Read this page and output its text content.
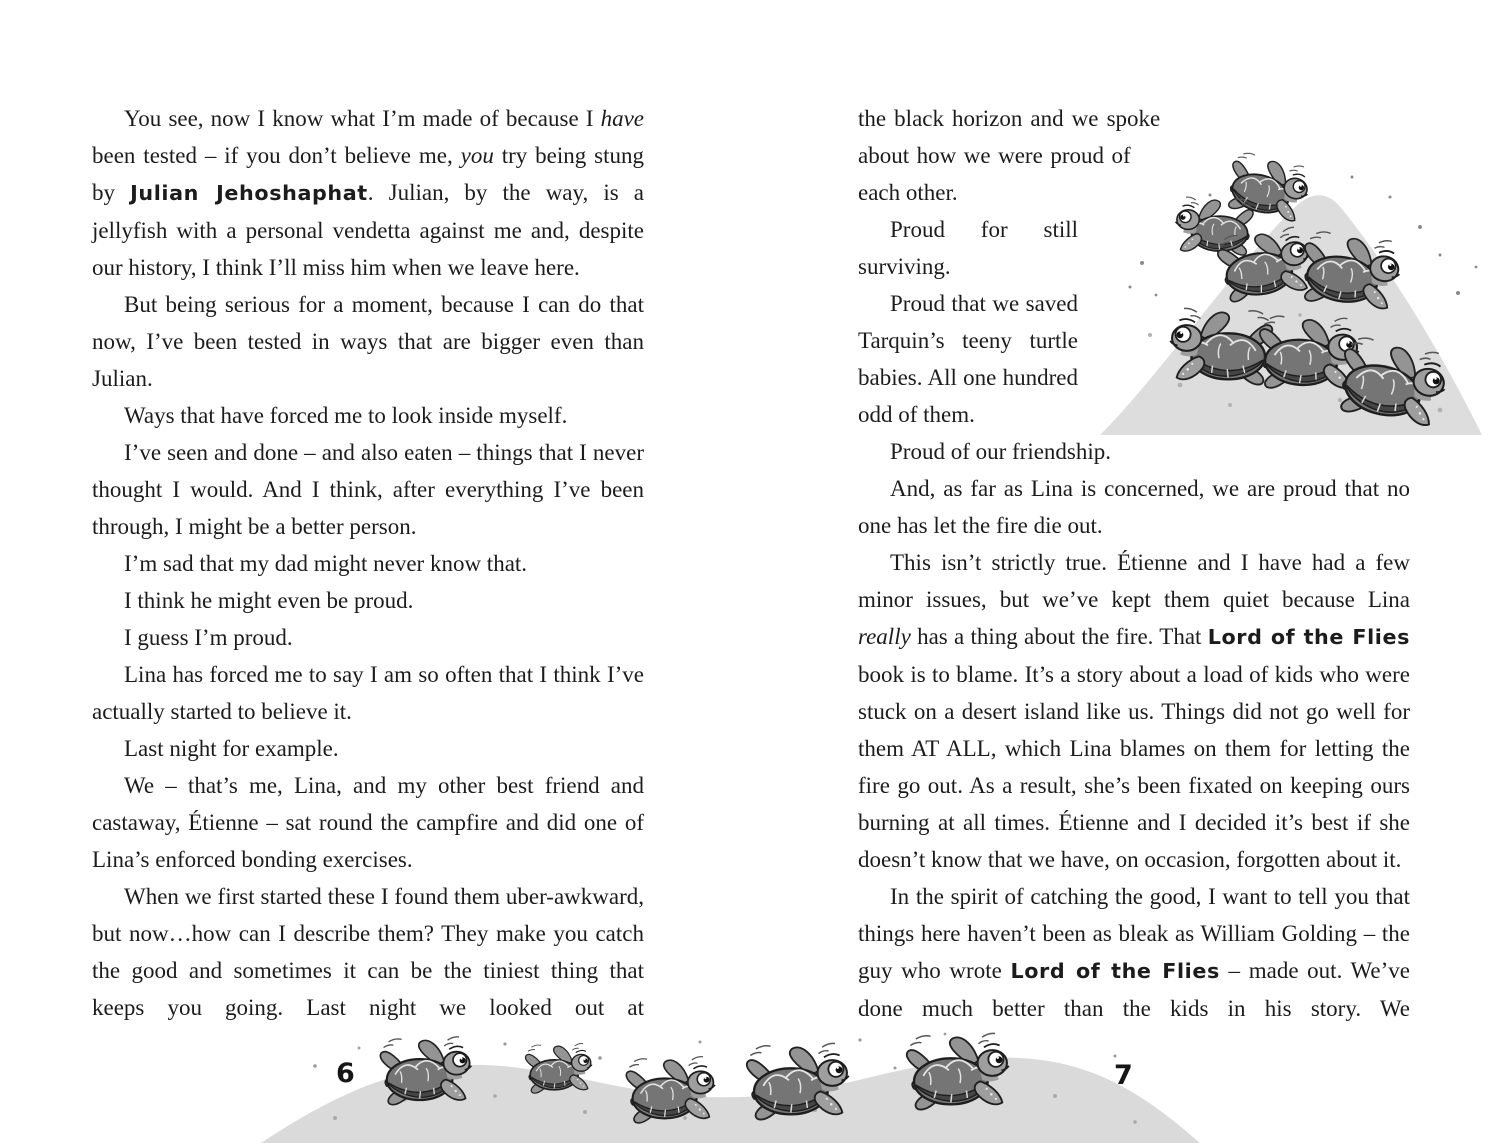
You see, now I know what I’m made of because I have been tested – if you don’t believe me, you try being stung by Julian Jehoshaphat. Julian, by the way, is a jellyfish with a personal vendetta against me and, despite our history, I think I’ll miss him when we leave here.

But being serious for a moment, because I can do that now, I’ve been tested in ways that are bigger even than Julian.

Ways that have forced me to look inside myself.

I’ve seen and done – and also eaten – things that I never thought I would. And I think, after everything I’ve been through, I might be a better person.

I’m sad that my dad might never know that.

I think he might even be proud.

I guess I’m proud.

Lina has forced me to say I am so often that I think I’ve actually started to believe it.

Last night for example.

We – that’s me, Lina, and my other best friend and castaway, Étienne – sat round the campfire and did one of Lina’s enforced bonding exercises.

When we first started these I found them uber-awkward, but now…how can I describe them? They make you catch the good and sometimes it can be the tiniest thing that keeps you going. Last night we looked out at

the black horizon and we spoke about how we were proud of each other.

Proud for still surviving.

Proud that we saved Tarquin’s teeny turtle babies. All one hundred odd of them.

Proud of our friendship.

And, as far as Lina is concerned, we are proud that no one has let the fire die out.

This isn’t strictly true. Étienne and I have had a few minor issues, but we’ve kept them quiet because Lina really has a thing about the fire. That Lord of the Flies book is to blame. It’s a story about a load of kids who were stuck on a desert island like us. Things did not go well for them AT ALL, which Lina blames on them for letting the fire go out. As a result, she’s been fixated on keeping ours burning at all times. Étienne and I decided it’s best if she doesn’t know that we have, on occasion, forgotten about it.

In the spirit of catching the good, I want to tell you that things here haven’t been as bleak as William Golding – the guy who wrote Lord of the Flies – made out. We’ve done much better than the kids in his story. We

6	7
